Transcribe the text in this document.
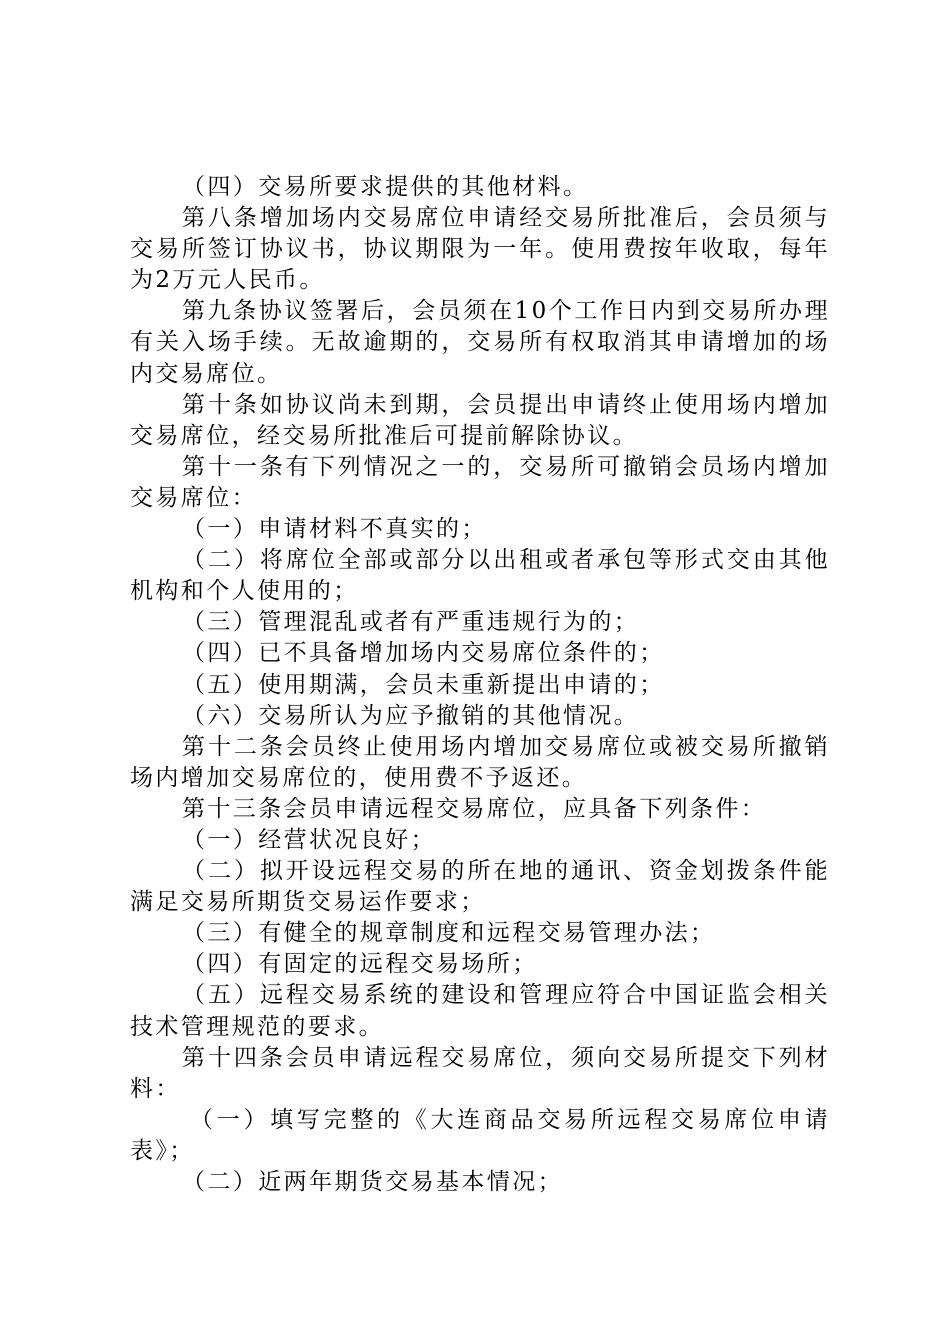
（四）交易所要求提供的其他材料。

第八条增加场内交易席位申请经交易所批准后，会员须与交易所签订协议书，协议期限为一年。使用费按年收取，每年为2万元人民币。

第九条协议签署后，会员须在10个工作日内到交易所办理有关入场手续。无故逾期的，交易所有权取消其申请增加的场内交易席位。

第十条如协议尚未到期，会员提出申请终止使用场内增加交易席位，经交易所批准后可提前解除协议。

第十一条有下列情况之一的，交易所可撤销会员场内增加交易席位：

（一）申请材料不真实的；

（二）将席位全部或部分以出租或者承包等形式交由其他机构和个人使用的；

（三）管理混乱或者有严重违规行为的；

（四）已不具备增加场内交易席位条件的；

（五）使用期满，会员未重新提出申请的；

（六）交易所认为应予撤销的其他情况。

第十二条会员终止使用场内增加交易席位或被交易所撤销场内增加交易席位的，使用费不予返还。

第十三条会员申请远程交易席位，应具备下列条件：

（一）经营状况良好；

（二）拟开设远程交易的所在地的通讯、资金划拨条件能满足交易所期货交易运作要求；

（三）有健全的规章制度和远程交易管理办法；

（四）有固定的远程交易场所；

（五）远程交易系统的建设和管理应符合中国证监会相关技术管理规范的要求。

第十四条会员申请远程交易席位，须向交易所提交下列材料：

（一）填写完整的《大连商品交易所远程交易席位申请表》；

（二）近两年期货交易基本情况；
